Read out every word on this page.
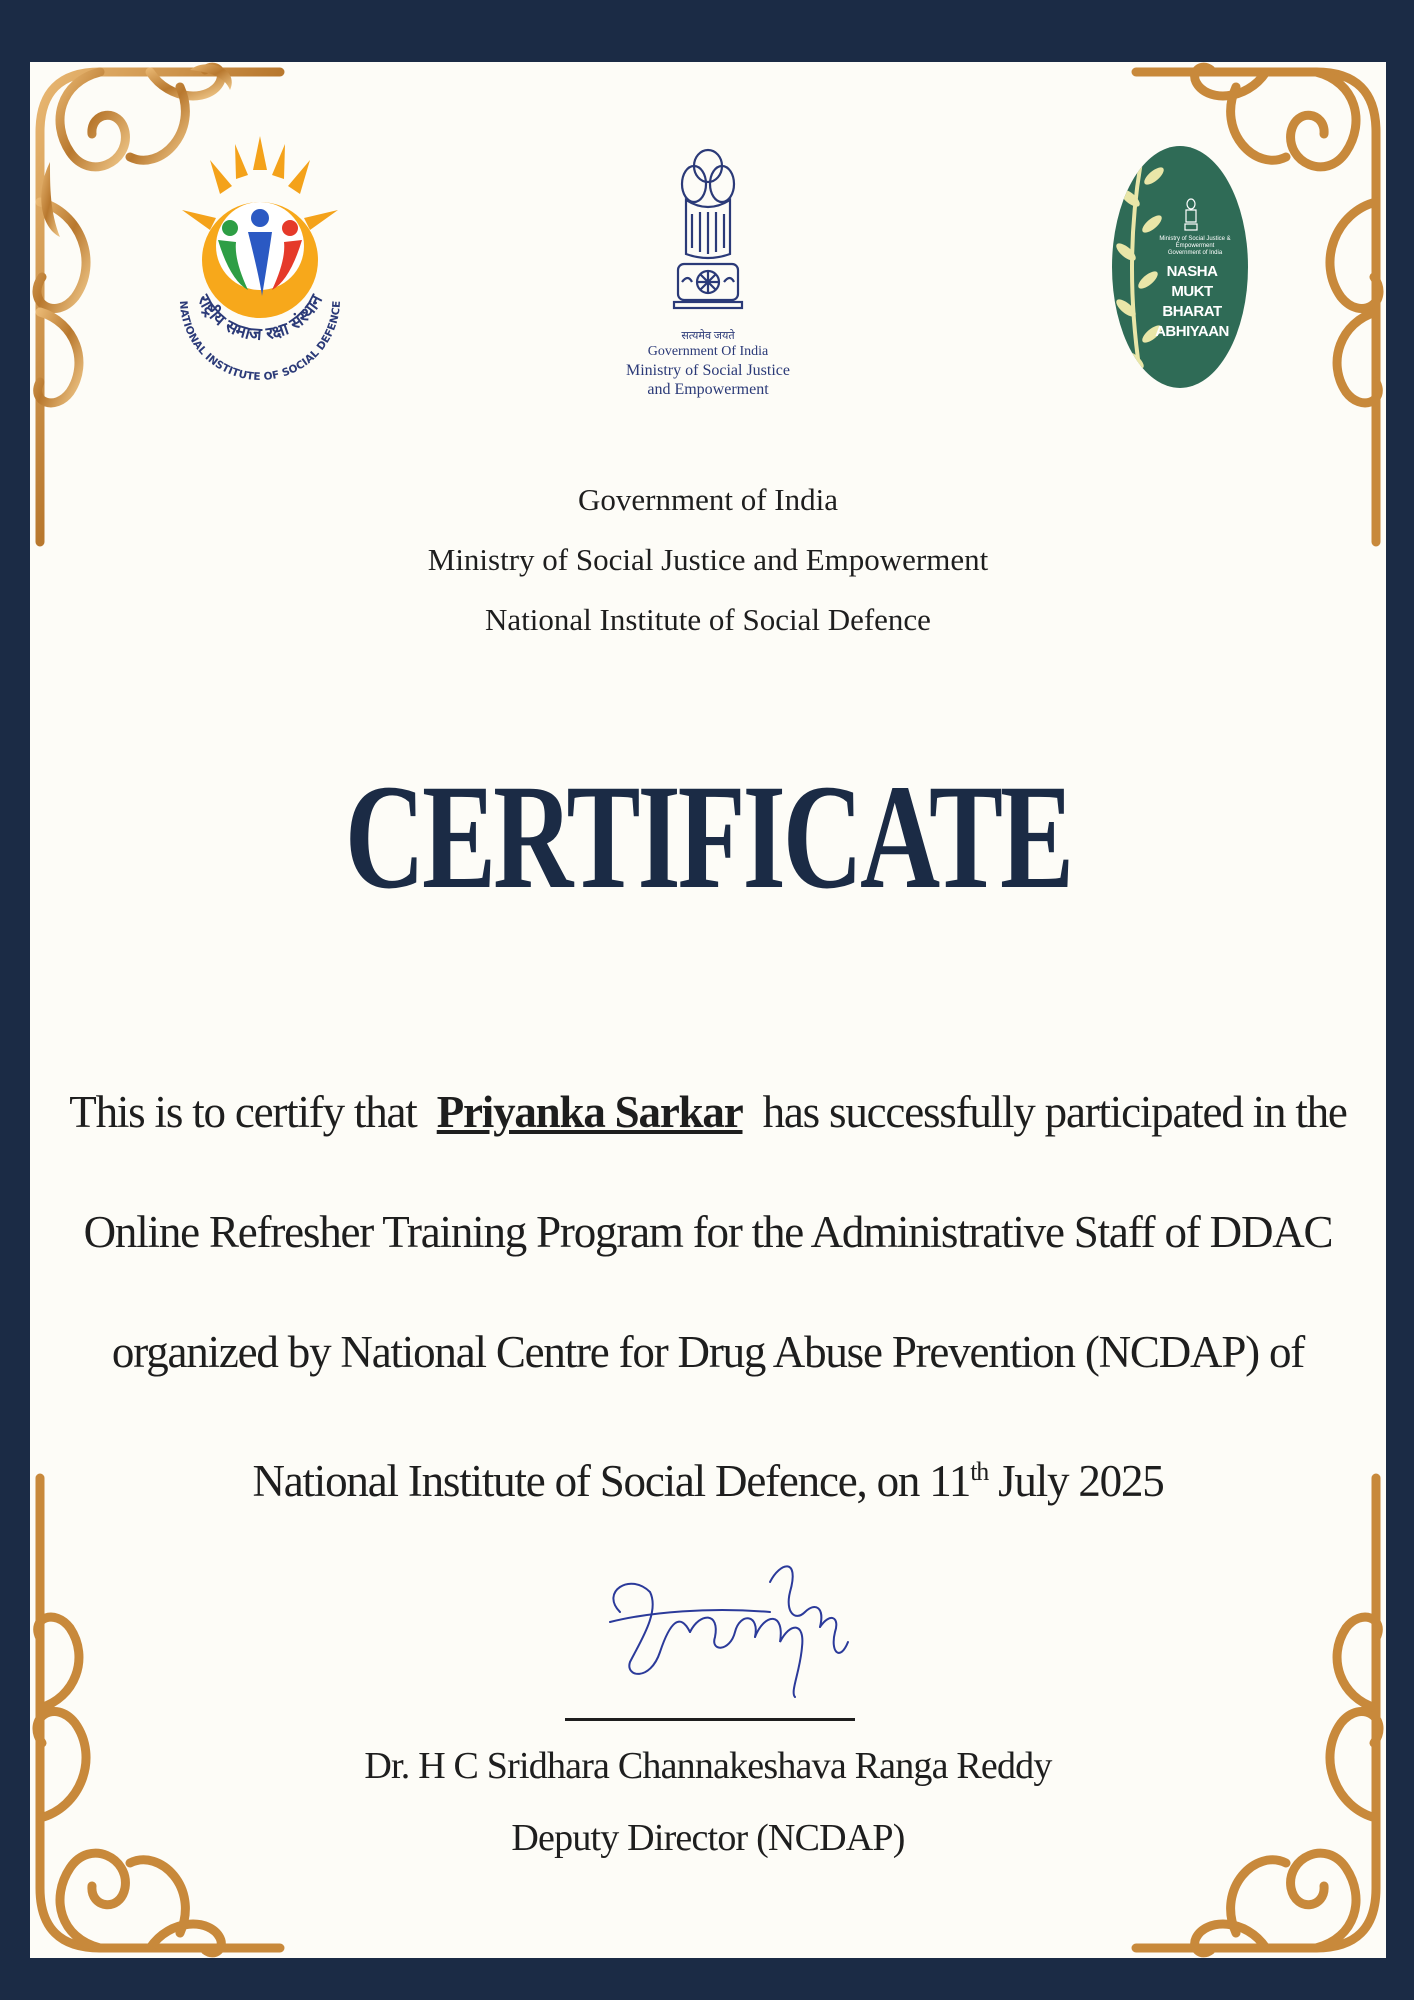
राष्ट्रीय समाज रक्षा संस्थान
NATIONAL INSTITUTE OF SOCIAL DEFENCE
सत्यमेव जयते
Government Of India
Ministry of Social Justice
and Empowerment
Ministry of Social Justice & Empowerment
Government of India
NASHA MUKT
BHARAT
ABHIYAAN
Government of India
Ministry of Social Justice and Empowerment
National Institute of Social Defence
CERTIFICATE
This is to certify that Priyanka Sarkar has successfully participated in the Online Refresher Training Program for the Administrative Staff of DDAC organized by National Centre for Drug Abuse Prevention (NCDAP) of National Institute of Social Defence, on 11th July 2025
Dr. H C Sridhara Channakeshava Ranga Reddy
Deputy Director (NCDAP)
